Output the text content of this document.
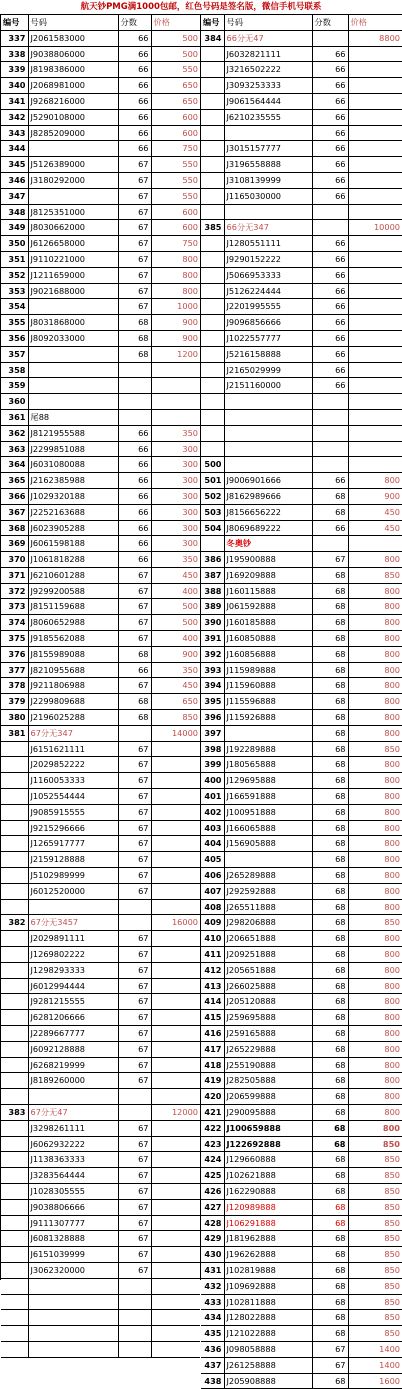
航天钞PMG满1000包邮，红色号码是签名版，微信手机号联系
编号	号码	分数	价格
337	J2061583000	66	500
338	J9038806000	66	500
339	J8198386000	66	550
340	J2068981000	66	650
341	J9268216000	66	650
342	J5290108000	66	600
343	J8285209000	66	600
344		66	750
345	J5126389000	67	550
346	J3180292000	67	550
347		67	550
348	J8125351000	67	600
349	J8030662000	67	600
350	J6126658000	67	750
351	J9110221000	67	800
352	J1211659000	67	800
353	J9021688000	67	800
354		67	1000
355	J8031868000	68	900
356	J8092033000	68	900
357		68	1200
358			
359			
360			
361	尾88		
362	J8121955588	66	350
363	J2299851088	66	300
364	J6031080088	66	300
365	J2162385988	66	300
366	J1029320188	66	300
367	J2252163688	66	300
368	J6023905288	66	300
369	J6061598188	66	300
370	J1061818288	66	350
371	J6210601288	67	450
372	J9299200588	67	400
373	J8151159688	67	500
374	J8060652988	67	500
375	J9185562088	67	400
376	J8155989088	68	900
377	J8210955688	66	350
378	J9211806988	67	450
379	J2299809688	68	650
380	J2196025288	68	850
381	67分无347		14000
	J6151621111	67	
	J2029852222	67	
	J1160053333	67	
	J1052554444	67	
	J9085915555	67	
	J9215296666	67	
	J1265917777	67	
	J2159128888	67	
	J5102989999	67	
	J6012520000	67	

382	67分无3457		16000
	J2029891111	67	
	J1269802222	67	
	J1298293333	67	
	J6012994444	67	
	J9281215555	67	
	J6281206666	67	
	J2289667777	67	
	J6092128888	67	
	J6268219999	67	
	J8189260000	67	

383	67分无47		12000
	J3298261111	67	
	J6062932222	67	
	J1138363333	67	
	J3283564444	67	
	J1028305555	67	
	J9038806666	67	
	J9111307777	67	
	J6081328888	67	
	J6151039999	67	
	J3062320000	67	

编号	号码	分数	价格
384	66分无47		8800
	J6032821111	66	
	J3216502222	66	
	J3093253333	66	
	J9061564444	66	
	J6210235555	66	
		66	
	J3015157777	66	
	J3196558888	66	
	J3108139999	66	
	J1165030000	66	

385	66分无347		10000
	J1280551111	66	
	J9290152222	66	
	J5066953333	66	
	J5126224444	66	
	J2201995555	66	
	J9096856666	66	
	J1022557777	66	
	J5216158888	66	
	J2165029999	66	
	J2151160000	66	

500			
501	J9006901666	66	800
502	J8162989666	68	900
503	J8156656222	68	450
504	J8069689222	66	450
	冬奥钞		
386	J195900888	67	800
387	J169209888	68	850
388	J160115888	68	800
389	J061592888	68	800
390	J160185888	68	800
391	J160850888	68	800
392	J160856888	68	800
393	J115989888	68	800
394	J115960888	68	800
395	J115596888	68	800
396	J115926888	68	800
397		68	800
398	J192289888	68	850
399	J180565888	68	800
400	J129695888	68	800
401	J166591888	68	800
402	J100951888	68	800
403	J166065888	68	800
404	J156905888	68	800
405		68	800
406	J265289888	68	800
407	J292592888	68	800
408	J265511888	68	800
409	J298206888	68	850
410	J206651888	68	800
411	J209251888	68	800
412	J205651888	68	800
413	J266025888	68	800
414	J205120888	68	800
415	J259695888	68	800
416	J259165888	68	800
417	J265229888	68	800
418	J255190888	68	800
419	J282505888	68	800
420	J206599888	68	800
421	J290095888	68	800
422	J100659888	68	800
423	J122692888	68	850
424	J129660888	68	850
425	J102621888	68	850
426	J162290888	68	850
427	J120989888	68	850
428	J106291888	68	850
429	J181962888	68	850
430	J196262888	68	850
431	J102819888	68	850
432	J109692888	68	850
433	J102811888	68	850
434	J128022888	68	850
435	J121022888	68	850
436	J098058888	67	1400
437	J261258888	67	1400
438	J205908888	68	1600
